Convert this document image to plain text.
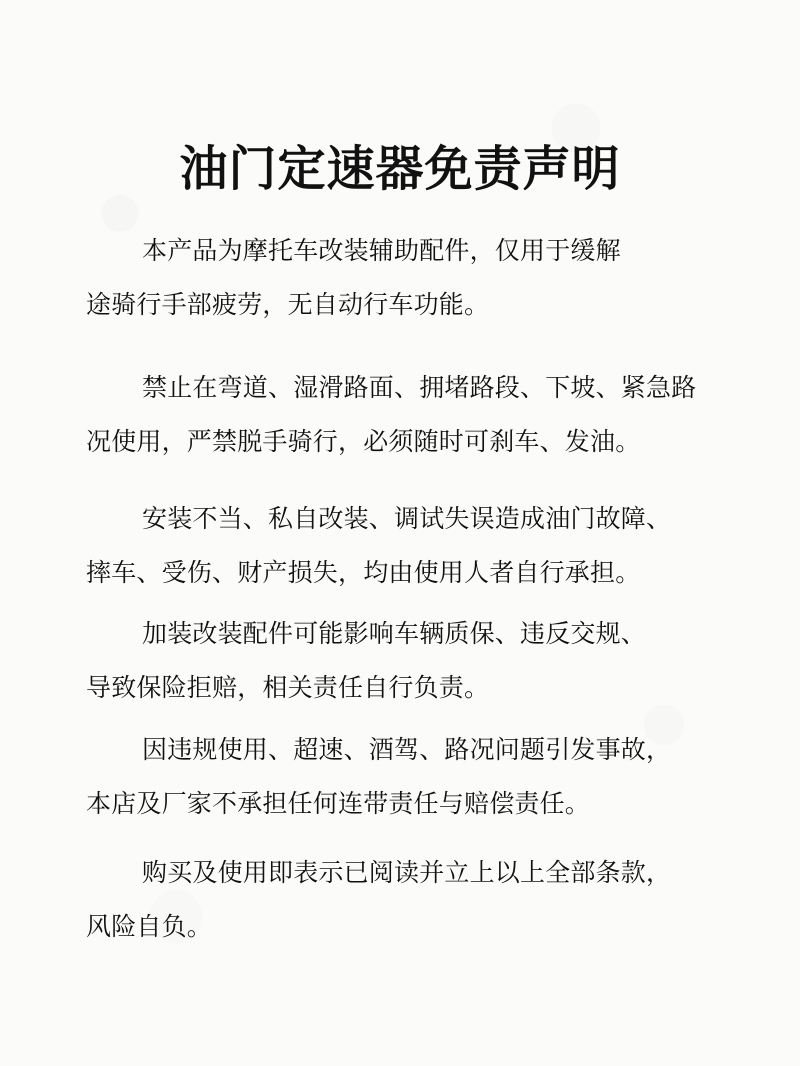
油门定速器免责声明

本产品为摩托车改装辅助配件，仅用于缓解
途骑行手部疲劳，无自动行车功能。

禁止在弯道、湿滑路面、拥堵路段、下坡、紧急路
况使用，严禁脱手骑行，必须随时可刹车、发油。

安装不当、私自改装、调试失误造成油门故障、
摔车、受伤、财产损失，均由使用人者自行承担。

加装改装配件可能影响车辆质保、违反交规、
导致保险拒赔，相关责任自行负责。

因违规使用、超速、酒驾、路况问题引发事故，
本店及厂家不承担任何连带责任与赔偿责任。

购买及使用即表示已阅读并立上以上全部条款，
风险自负。
